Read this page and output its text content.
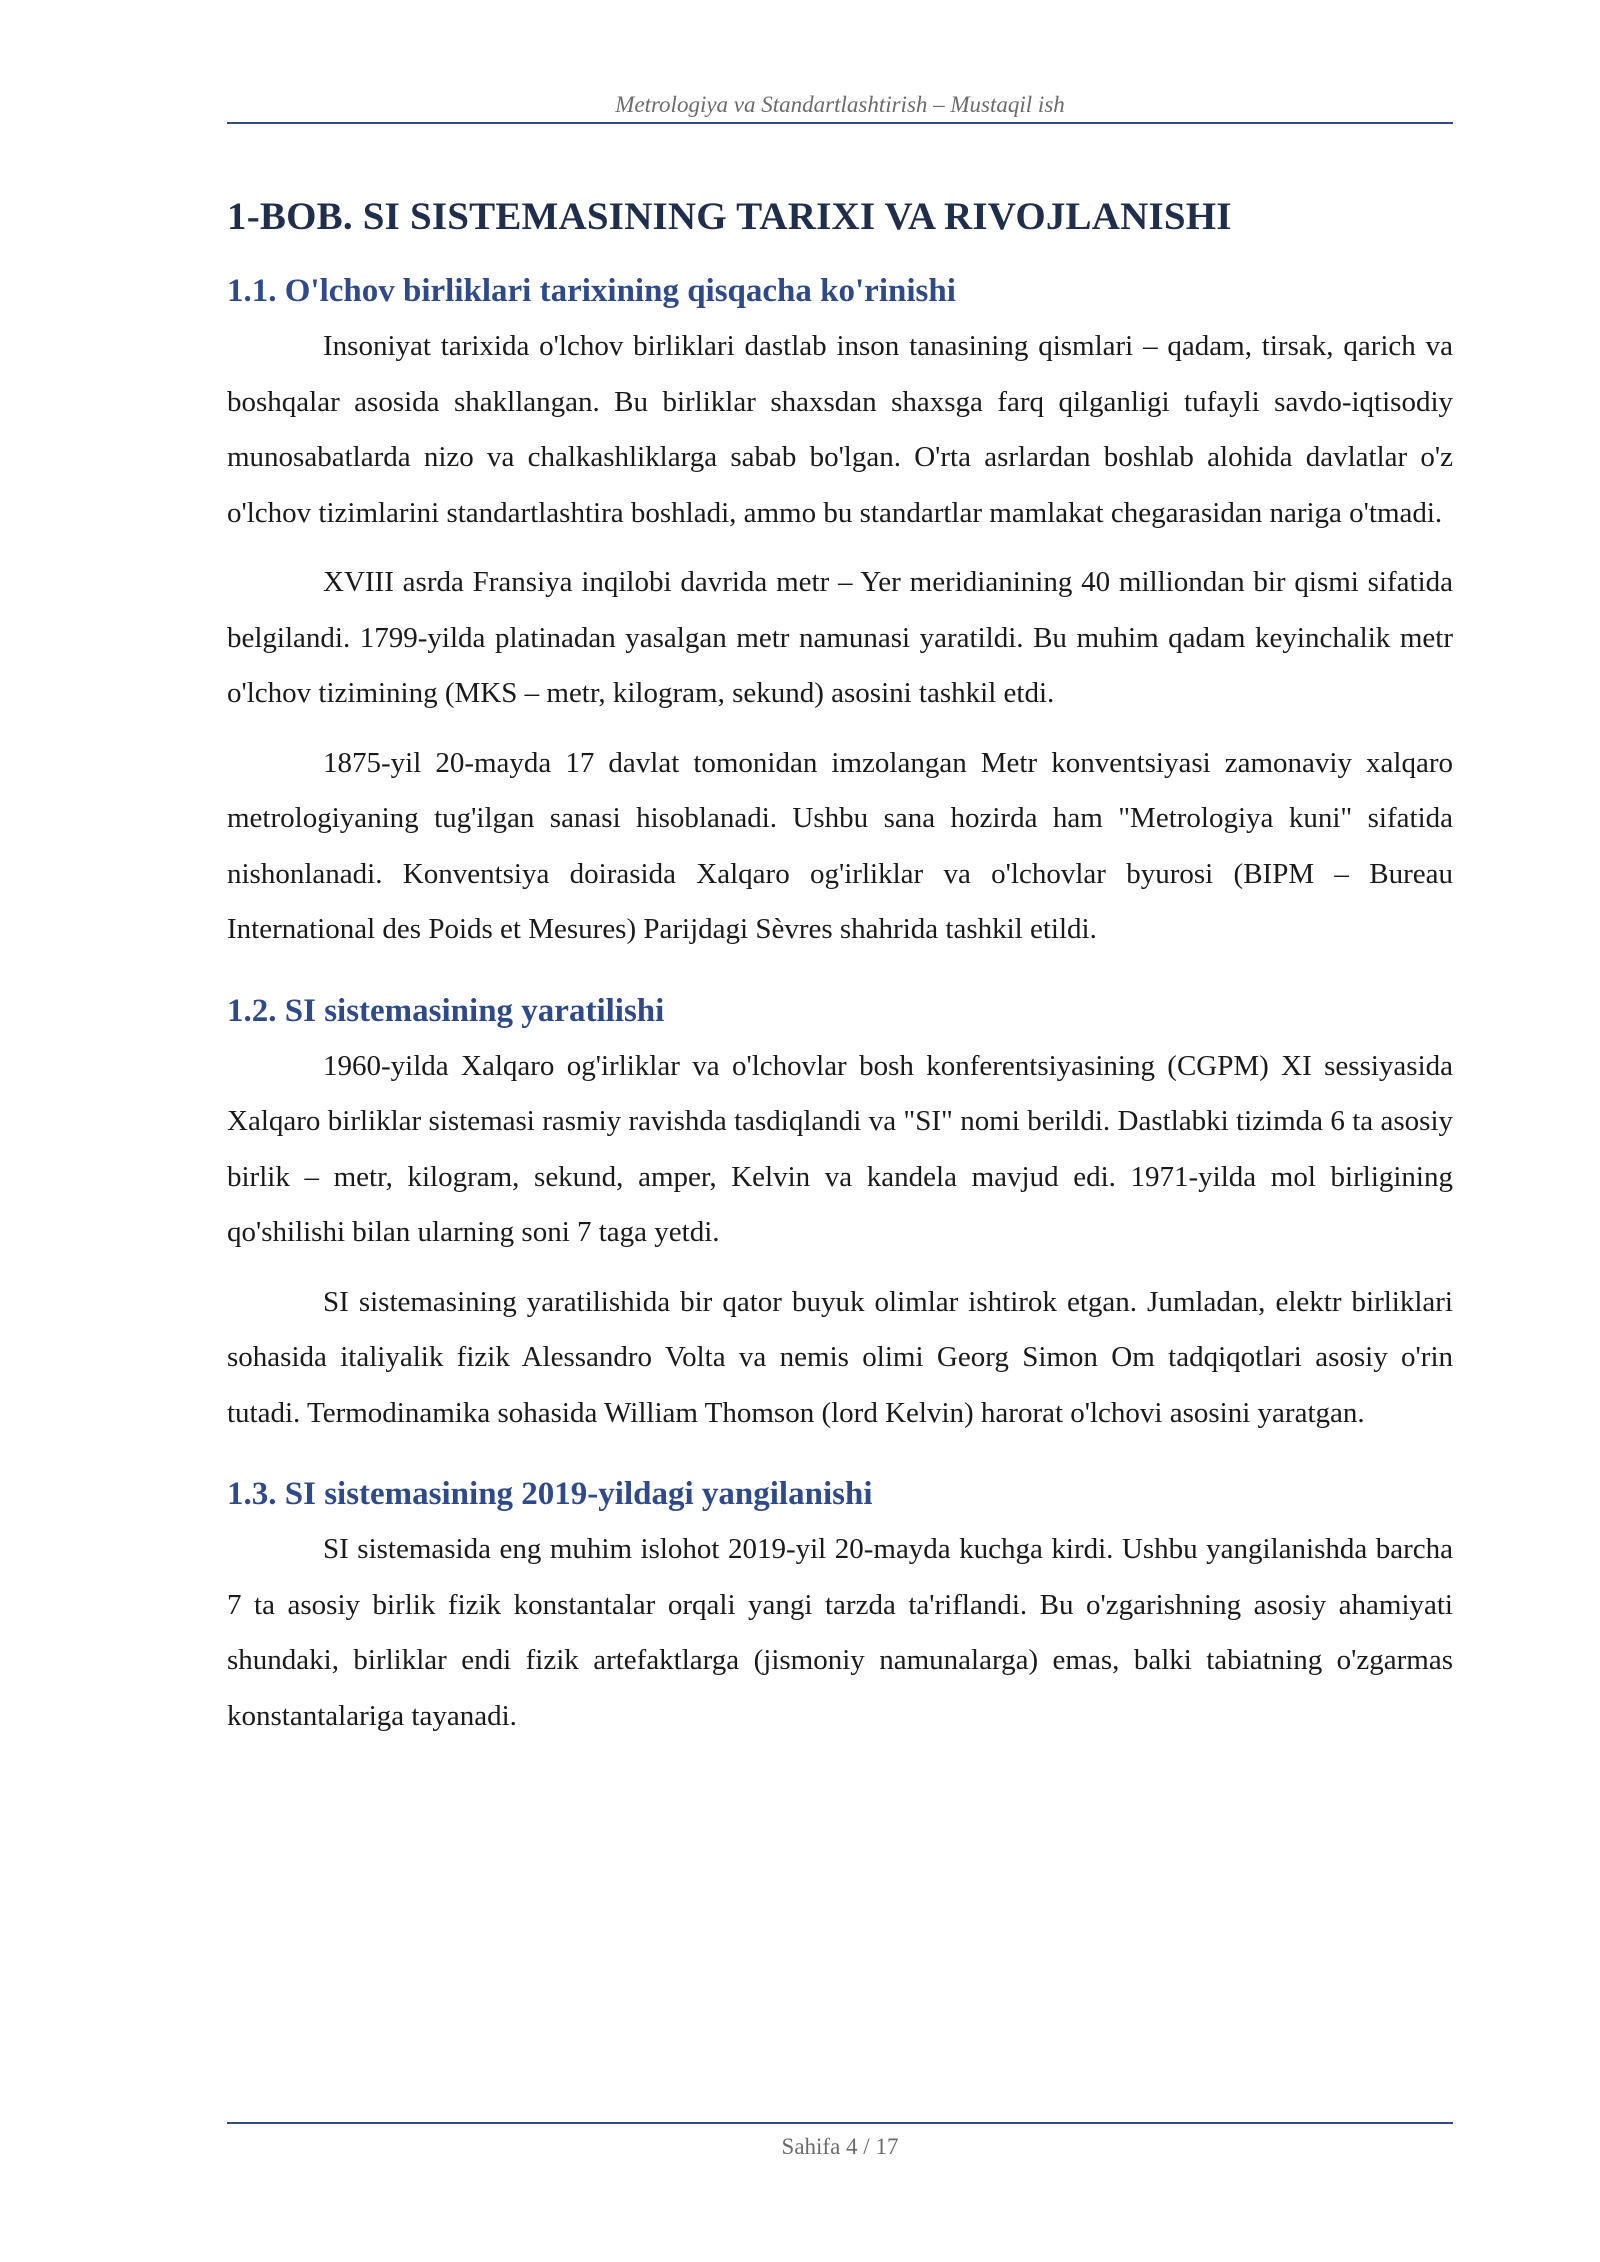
Metrologiya va Standartlashtirish – Mustaqil ish
1-BOB. SI SISTEMASINING TARIXI VA RIVOJLANISHI
1.1. O'lchov birliklari tarixining qisqacha ko'rinishi

Insoniyat tarixida o'lchov birliklari dastlab inson tanasining qismlari – qadam, tirsak, qarich va boshqalar asosida shakllangan. Bu birliklar shaxsdan shaxsga farq qilganligi tufayli savdo-iqtisodiy munosabatlarda nizo va chalkashliklarga sabab bo'lgan. O'rta asrlardan boshlab alohida davlatlar o'z o'lchov tizimlarini standartlashtira boshladi, ammo bu standartlar mamlakat chegarasidan nariga o'tmadi.

XVIII asrda Fransiya inqilobi davrida metr – Yer meridianining 40 milliondan bir qismi sifatida belgilandi. 1799-yilda platinadan yasalgan metr namunasi yaratildi. Bu muhim qadam keyinchalik metr o'lchov tizimining (MKS – metr, kilogram, sekund) asosini tashkil etdi.

1875-yil 20-mayda 17 davlat tomonidan imzolangan Metr konventsiyasi zamonaviy xalqaro metrologiyaning tug'ilgan sanasi hisoblanadi. Ushbu sana hozirda ham "Metrologiya kuni" sifatida nishonlanadi. Konventsiya doirasida Xalqaro og'irliklar va o'lchovlar byurosi (BIPM – Bureau International des Poids et Mesures) Parijdagi Sèvres shahrida tashkil etildi.

1.2. SI sistemasining yaratilishi

1960-yilda Xalqaro og'irliklar va o'lchovlar bosh konferentsiyasining (CGPM) XI sessiyasida Xalqaro birliklar sistemasi rasmiy ravishda tasdiqlandi va "SI" nomi berildi. Dastlabki tizimda 6 ta asosiy birlik – metr, kilogram, sekund, amper, Kelvin va kandela mavjud edi. 1971-yilda mol birligining qo'shilishi bilan ularning soni 7 taga yetdi.

SI sistemasining yaratilishida bir qator buyuk olimlar ishtirok etgan. Jumladan, elektr birliklari sohasida italiyalik fizik Alessandro Volta va nemis olimi Georg Simon Om tadqiqotlari asosiy o'rin tutadi. Termodinamika sohasida William Thomson (lord Kelvin) harorat o'lchovi asosini yaratgan.

1.3. SI sistemasining 2019-yildagi yangilanishi

SI sistemasida eng muhim islohot 2019-yil 20-mayda kuchga kirdi. Ushbu yangilanishda barcha 7 ta asosiy birlik fizik konstantalar orqali yangi tarzda ta'riflandi. Bu o'zgarishning asosiy ahamiyati shundaki, birliklar endi fizik artefaktlarga (jismoniy namunalarga) emas, balki tabiatning o'zgarmas konstantalariga tayanadi.

Sahifa 4 / 17
